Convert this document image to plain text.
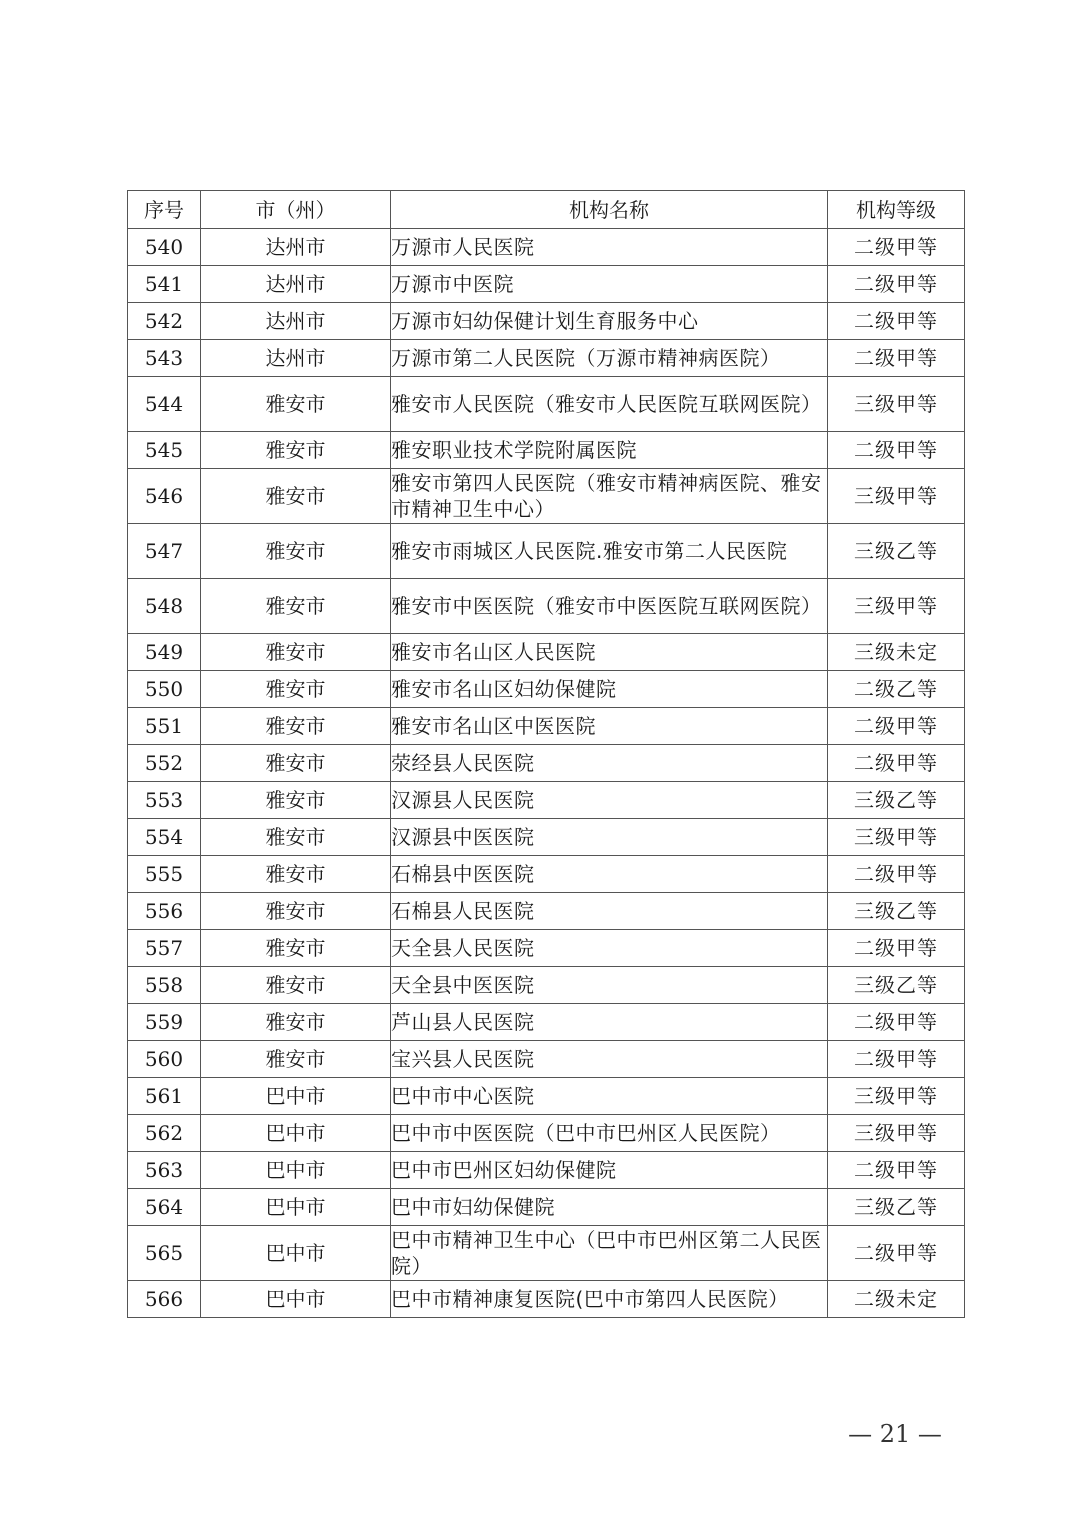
序号	市（州）	机构名称	机构等级
540	达州市	万源市人民医院	二级甲等
541	达州市	万源市中医院	二级甲等
542	达州市	万源市妇幼保健计划生育服务中心	二级甲等
543	达州市	万源市第二人民医院（万源市精神病医院）	二级甲等
544	雅安市	雅安市人民医院（雅安市人民医院互联网医院）	三级甲等
545	雅安市	雅安职业技术学院附属医院	二级甲等
546	雅安市	雅安市第四人民医院（雅安市精神病医院、雅安市精神卫生中心）	三级甲等
547	雅安市	雅安市雨城区人民医院.雅安市第二人民医院	三级乙等
548	雅安市	雅安市中医医院（雅安市中医医院互联网医院）	三级甲等
549	雅安市	雅安市名山区人民医院	三级未定
550	雅安市	雅安市名山区妇幼保健院	二级乙等
551	雅安市	雅安市名山区中医医院	二级甲等
552	雅安市	荥经县人民医院	二级甲等
553	雅安市	汉源县人民医院	三级乙等
554	雅安市	汉源县中医医院	三级甲等
555	雅安市	石棉县中医医院	二级甲等
556	雅安市	石棉县人民医院	三级乙等
557	雅安市	天全县人民医院	二级甲等
558	雅安市	天全县中医医院	三级乙等
559	雅安市	芦山县人民医院	二级甲等
560	雅安市	宝兴县人民医院	二级甲等
561	巴中市	巴中市中心医院	三级甲等
562	巴中市	巴中市中医医院（巴中市巴州区人民医院）	三级甲等
563	巴中市	巴中市巴州区妇幼保健院	二级甲等
564	巴中市	巴中市妇幼保健院	三级乙等
565	巴中市	巴中市精神卫生中心（巴中市巴州区第二人民医院）	二级甲等
566	巴中市	巴中市精神康复医院(巴中市第四人民医院）	二级未定
— 21 —
